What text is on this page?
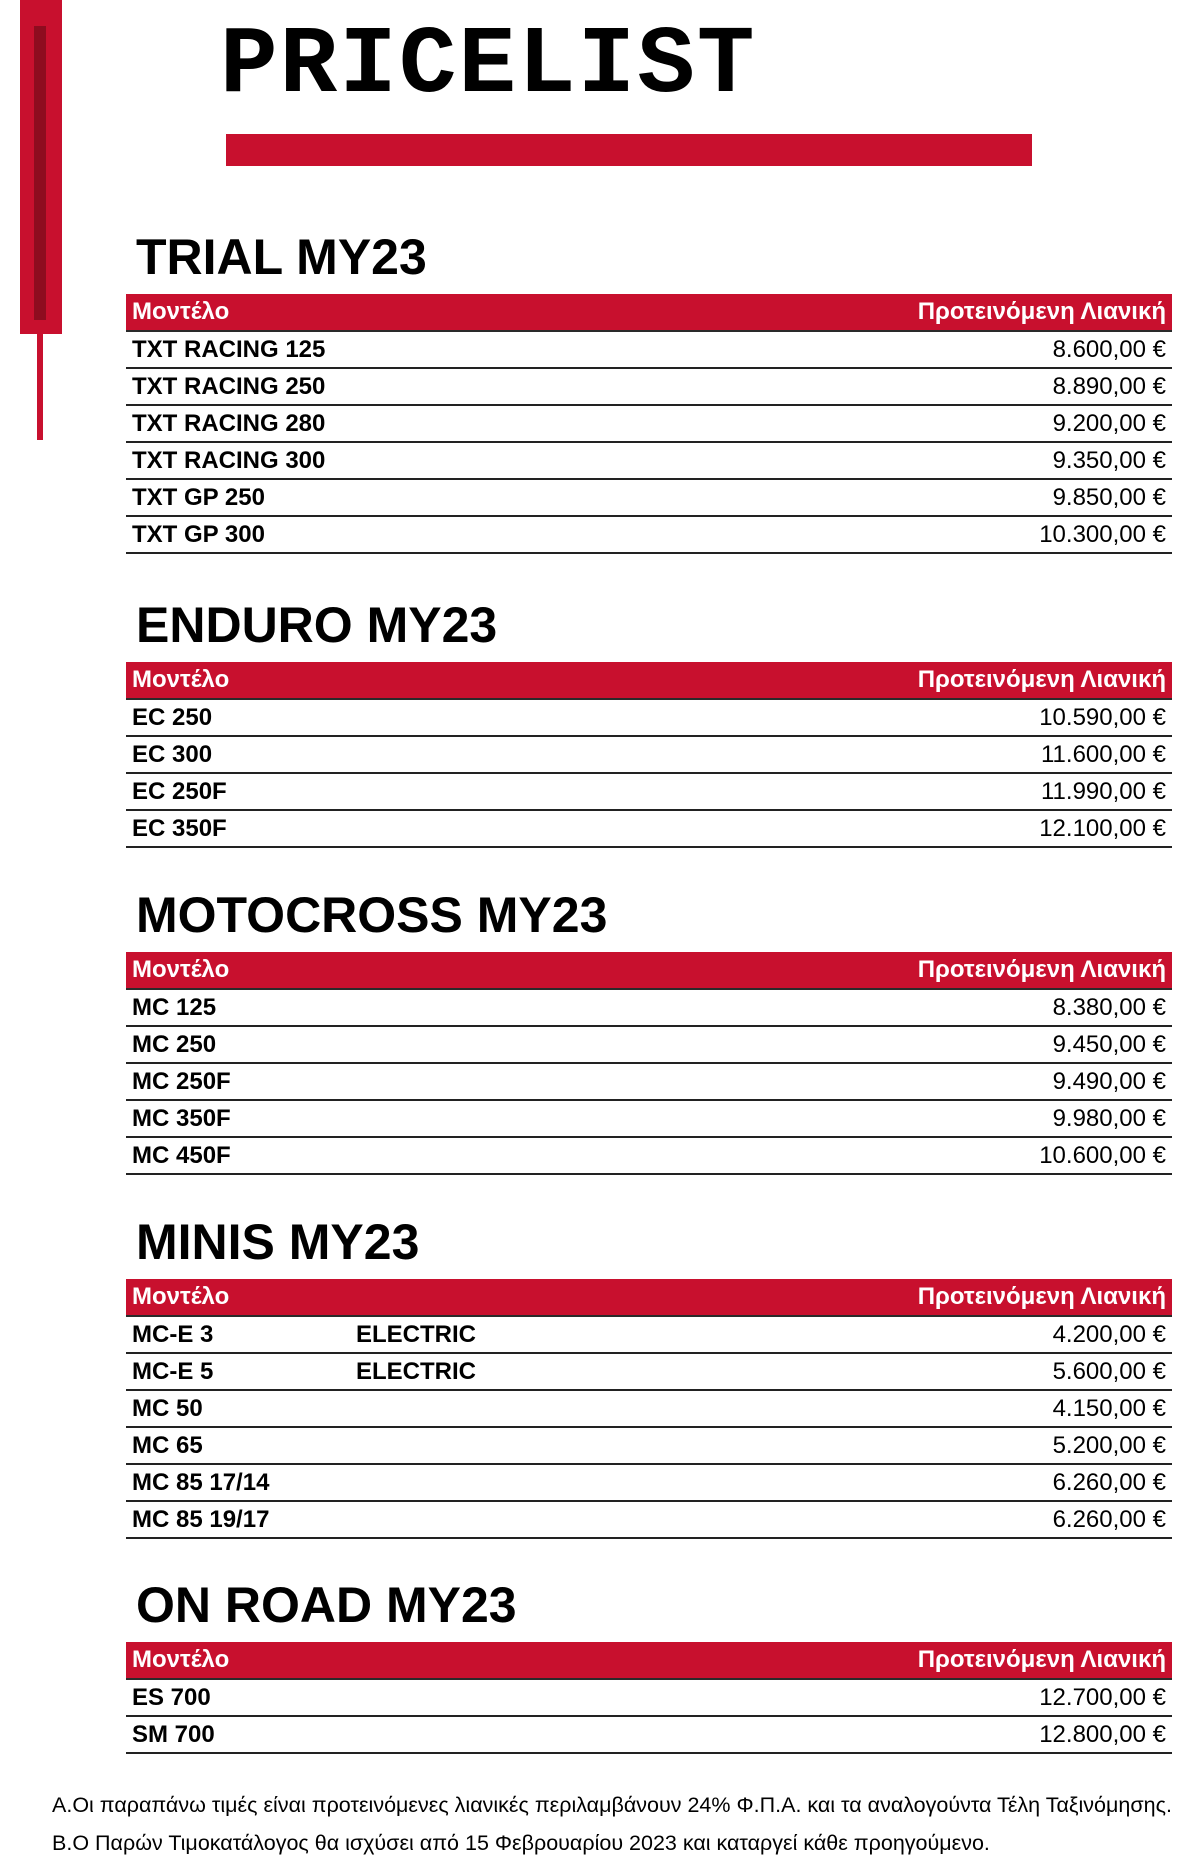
PRICELIST
TRIAL MY23
Μοντέλο	Προτεινόμενη Λιανική
TXT RACING 125	8.600,00 €
TXT RACING 250	8.890,00 €
TXT RACING 280	9.200,00 €
TXT RACING 300	9.350,00 €
TXT GP 250	9.850,00 €
TXT GP 300	10.300,00 €
ENDURO MY23
Μοντέλο	Προτεινόμενη Λιανική
EC 250	10.590,00 €
EC 300	11.600,00 €
EC 250F	11.990,00 €
EC 350F	12.100,00 €
MOTOCROSS MY23
Μοντέλο	Προτεινόμενη Λιανική
MC 125	8.380,00 €
MC 250	9.450,00 €
MC 250F	9.490,00 €
MC 350F	9.980,00 €
MC 450F	10.600,00 €
MINIS MY23
Μοντέλο	Προτεινόμενη Λιανική
MC-E 3	ELECTRIC	4.200,00 €
MC-E 5	ELECTRIC	5.600,00 €
MC 50	4.150,00 €
MC 65	5.200,00 €
MC 85 17/14	6.260,00 €
MC 85 19/17	6.260,00 €
ON ROAD MY23
Μοντέλο	Προτεινόμενη Λιανική
ES 700	12.700,00 €
SM 700	12.800,00 €

Α.Οι παραπάνω τιμές είναι προτεινόμενες λιανικές περιλαμβάνουν 24% Φ.Π.Α. και τα αναλογούντα Τέλη Ταξινόμησης.

Β.Ο Παρών Τιμοκατάλογος θα ισχύσει από 15 Φεβρουαρίου 2023 και καταργεί κάθε προηγούμενο.
